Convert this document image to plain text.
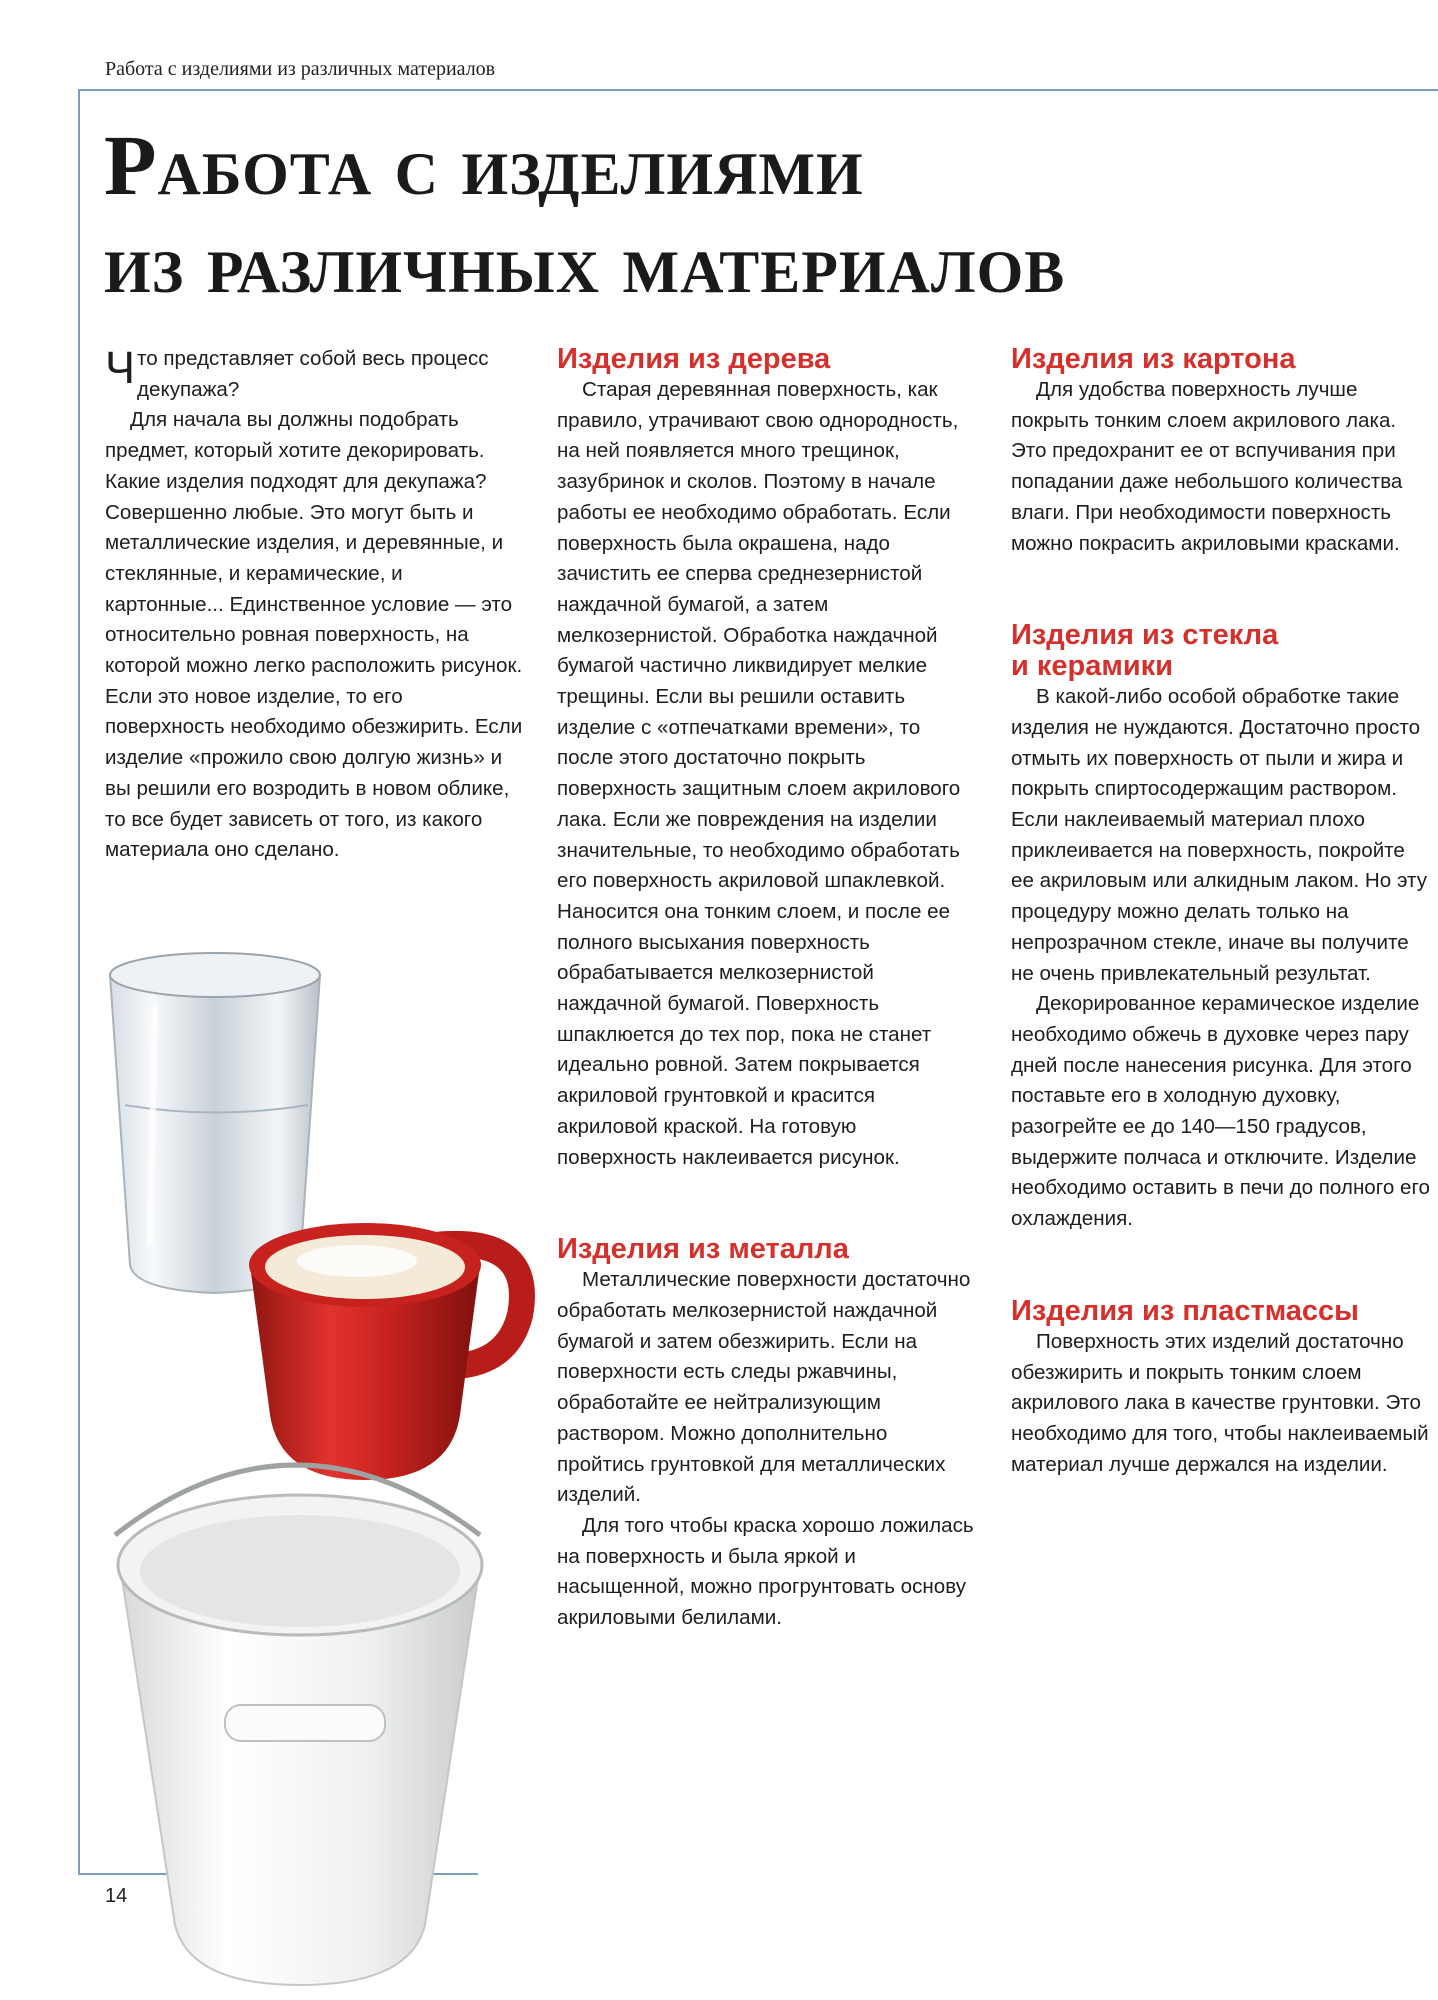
Работа с изделиями из различных материалов
Работа с изделиями
из различных материалов

Что представляет собой весь процесс декупажа?

Для начала вы должны подобрать предмет, который хотите декорировать. Какие изделия подходят для декупажа? Совершенно любые. Это могут быть и металлические изделия, и деревянные, и стеклянные, и керамические, и картонные... Единственное условие — это относительно ровная поверхность, на которой можно легко расположить рисунок. Если это новое изделие, то его поверхность необходимо обезжирить. Если изделие «прожило свою долгую жизнь» и вы решили его возродить в новом облике, то все будет зависеть от того, из какого материала оно сделано.

Изделия из дерева

Старая деревянная поверхность, как правило, утрачивают свою однородность, на ней появляется много трещинок, зазубринок и сколов. Поэтому в начале работы ее необходимо обработать. Если поверхность была окрашена, надо зачистить ее сперва среднезернистой наждачной бумагой, а затем мелкозернистой. Обработка наждачной бумагой частично ликвидирует мелкие трещины. Если вы решили оставить изделие с «отпечатками времени», то после этого достаточно покрыть поверхность защитным слоем акрилового лака. Если же повреждения на изделии значительные, то необходимо обработать его поверхность акриловой шпаклевкой. Наносится она тонким слоем, и после ее полного высыхания поверхность обрабатывается мелкозернистой наждачной бумагой. Поверхность шпаклюется до тех пор, пока не станет идеально ровной. Затем покрывается акриловой грунтовкой и красится акриловой краской. На готовую поверхность наклеивается рисунок.

Изделия из металла

Металлические поверхности достаточно обработать мелкозернистой наждачной бумагой и затем обезжирить. Если на поверхности есть следы ржавчины, обработайте ее нейтрализующим раствором. Можно дополнительно пройтись грунтовкой для металлических изделий.

Для того чтобы краска хорошо ложилась на поверхность и была яркой и насыщенной, можно прогрунтовать основу акриловыми белилами.

Изделия из картона

Для удобства поверхность лучше покрыть тонким слоем акрилового лака. Это предохранит ее от вспучивания при попадании даже небольшого количества влаги. При необходимости поверхность можно покрасить акриловыми красками.

Изделия из стекла
и керамики

В какой-либо особой обработке такие изделия не нуждаются. Достаточно просто отмыть их поверхность от пыли и жира и покрыть спиртосодержащим раствором. Если наклеиваемый материал плохо приклеивается на поверхность, покройте ее акриловым или алкидным лаком. Но эту процедуру можно делать только на непрозрачном стекле, иначе вы получите не очень привлекательный результат.

Декорированное керамическое изделие необходимо обжечь в духовке через пару дней после нанесения рисунка. Для этого поставьте его в холодную духовку, разогрейте ее до 140—150 градусов, выдержите полчаса и отключите. Изделие необходимо оставить в печи до полного его охлаждения.

Изделия из пластмассы

Поверхность этих изделий достаточно обезжирить и покрыть тонким слоем акрилового лака в качестве грунтовки. Это необходимо для того, чтобы наклеиваемый материал лучше держался на изделии.

14
